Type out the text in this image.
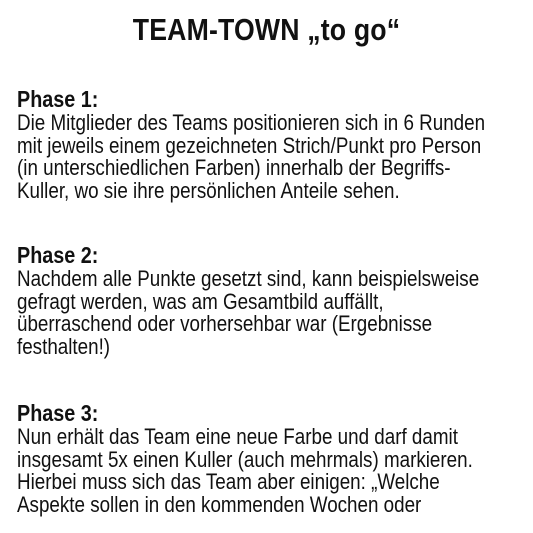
TEAM-TOWN „to go“
Phase 1:

Die Mitglieder des Teams positionieren sich in 6 Runden
mit jeweils einem gezeichneten Strich/Punkt pro Person
(in unterschiedlichen Farben) innerhalb der Begriffs-
Kuller, wo sie ihre persönlichen Anteile sehen.

Phase 2:

Nachdem alle Punkte gesetzt sind, kann beispielsweise
gefragt werden, was am Gesamtbild auffällt,
überraschend oder vorhersehbar war (Ergebnisse
festhalten!)

Phase 3:

Nun erhält das Team eine neue Farbe und darf damit
insgesamt 5x einen Kuller (auch mehrmals) markieren.
Hierbei muss sich das Team aber einigen: „Welche
Aspekte sollen in den kommenden Wochen oder
